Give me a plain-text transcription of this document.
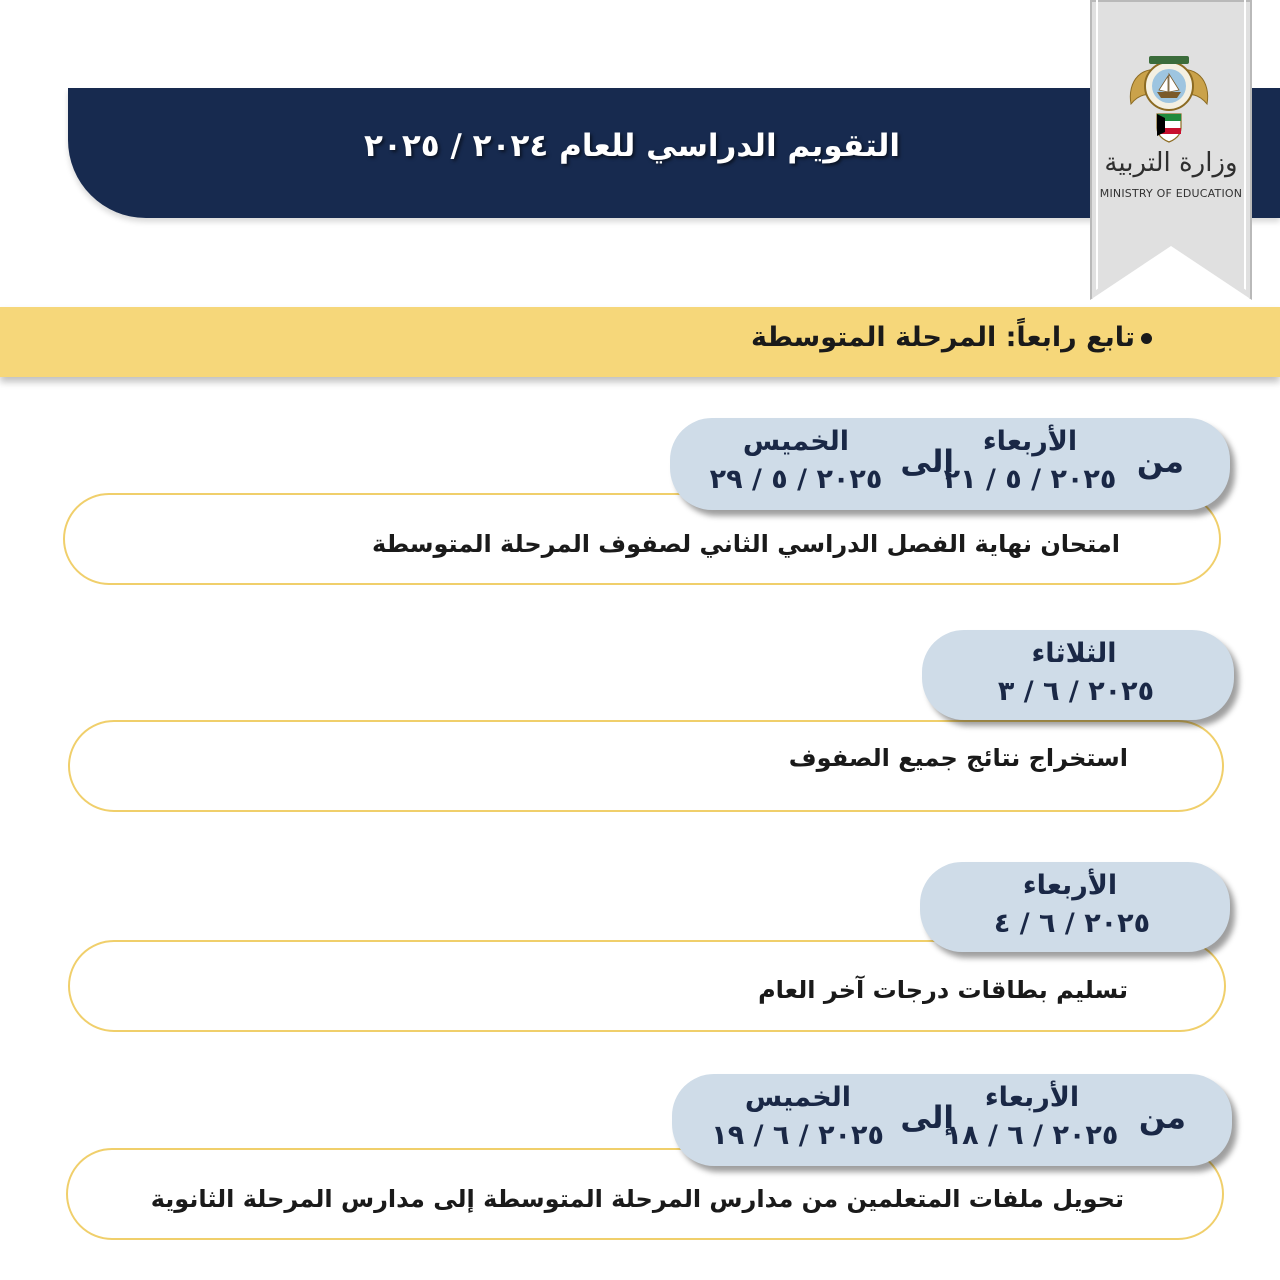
التقويم الدراسي للعام ٢٠٢٤ / ٢٠٢٥	وزارة التربية
MINISTRY OF EDUCATION
تابع رابعاً: المرحلة المتوسطة
امتحان نهاية الفصل الدراسي الثاني لصفوف المرحلة المتوسطة
من
الأربعاء
٢٠٢٥ / ٥ / ٢١
إلى
الخميس
٢٠٢٥ / ٥ / ٢٩
استخراج نتائج جميع الصفوف
الثلاثاء
٢٠٢٥ / ٦ / ٣
تسليم بطاقات درجات آخر العام
الأربعاء
٢٠٢٥ / ٦ / ٤
تحويل ملفات المتعلمين من مدارس المرحلة المتوسطة إلى مدارس المرحلة الثانوية
من
الأربعاء
٢٠٢٥ / ٦ / ١٨
إلى
الخميس
٢٠٢٥ / ٦ / ١٩
